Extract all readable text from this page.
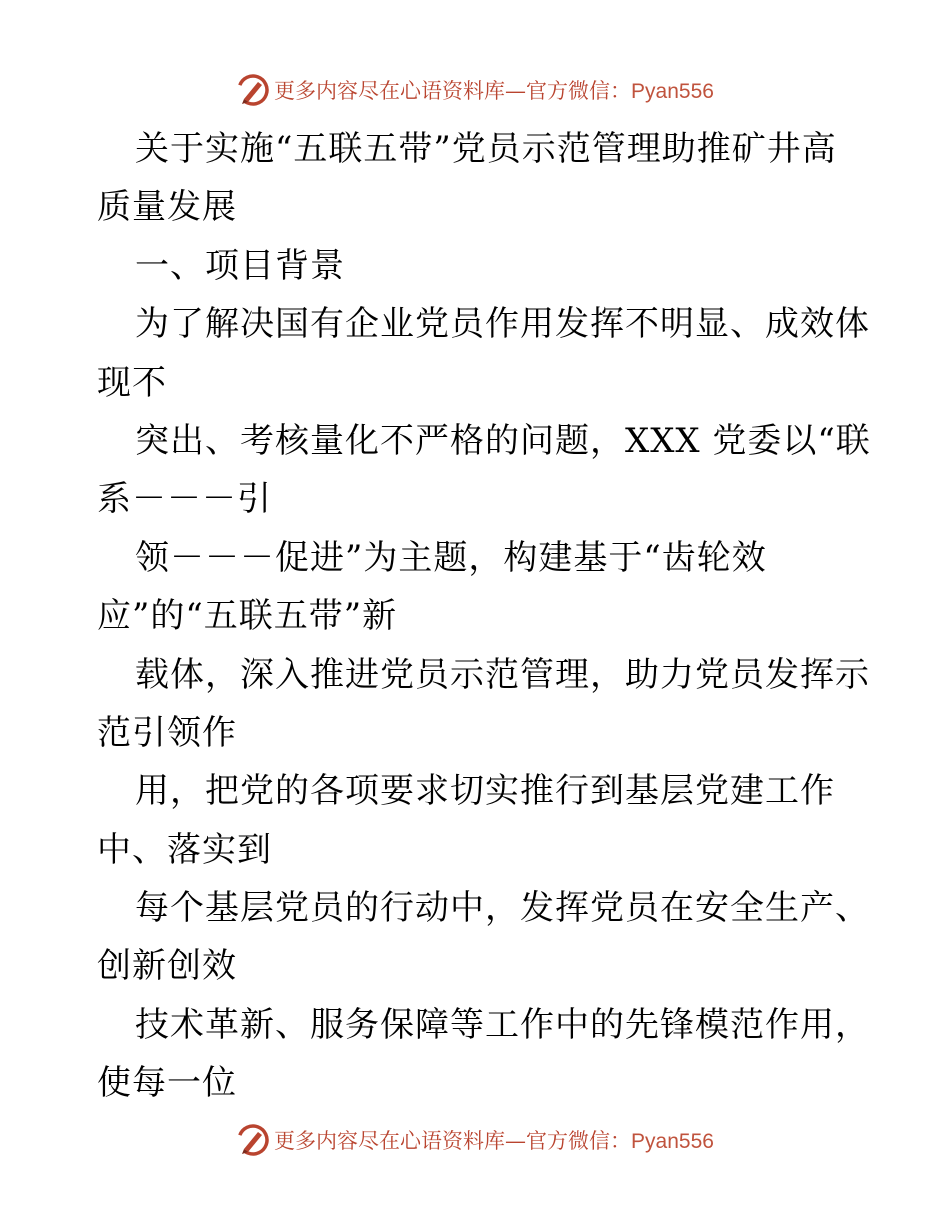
更多内容尽在心语资料库—官方微信：Pyan556
关于实施“五联五带”党员示范管理助推矿井高
质量发展
一、项目背景
为了解决国有企业党员作用发挥不明显、成效体
现不
突出、考核量化不严格的问题，XXX 党委以“联
系－－－引
领－－－促进”为主题，构建基于“齿轮效
应”的“五联五带”新
载体，深入推进党员示范管理，助力党员发挥示
范引领作
用，把党的各项要求切实推行到基层党建工作
中、落实到
每个基层党员的行动中，发挥党员在安全生产、
创新创效
技术革新、服务保障等工作中的先锋模范作用，
使每一位
更多内容尽在心语资料库—官方微信：Pyan556
